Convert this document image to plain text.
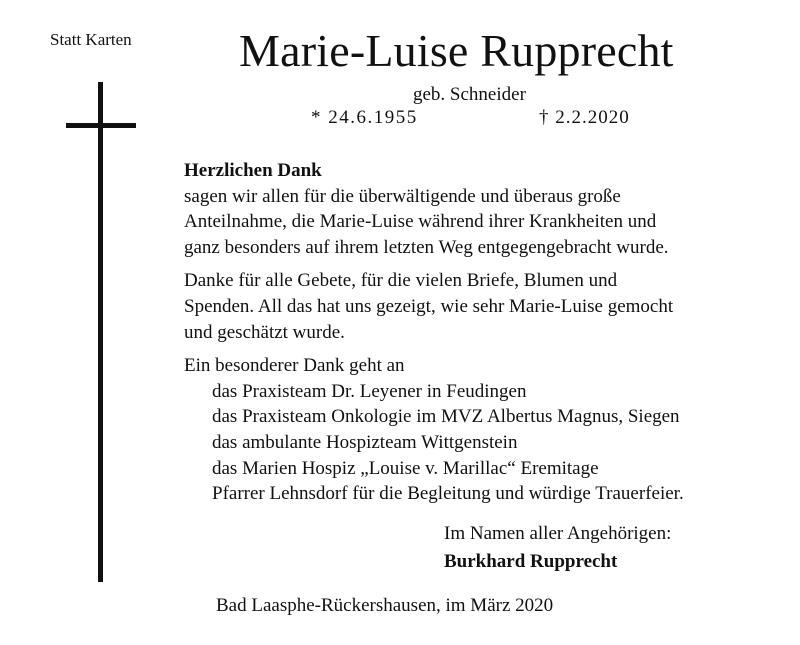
Statt Karten Marie-Luise Rupprecht
geb. Schneider
* 24.6.1955	† 2.2.2020

Herzlichen Dank

sagen wir allen für die überwältigende und überaus große

Anteilnahme, die Marie-Luise während ihrer Krankheiten und

ganz besonders auf ihrem letzten Weg entgegengebracht wurde.

Danke für alle Gebete, für die vielen Briefe, Blumen und

Spenden. All das hat uns gezeigt, wie sehr Marie-Luise gemocht

und geschätzt wurde.

Ein besonderer Dank geht an

das Praxisteam Dr. Leyener in Feudingen

das Praxisteam Onkologie im MVZ Albertus Magnus, Siegen

das ambulante Hospizteam Wittgenstein

das Marien Hospiz „Louise v. Marillac“ Eremitage

Pfarrer Lehnsdorf für die Begleitung und würdige Trauerfeier.

Im Namen aller Angehörigen:
Burkhard Rupprecht
Bad Laasphe-Rückershausen, im März 2020
